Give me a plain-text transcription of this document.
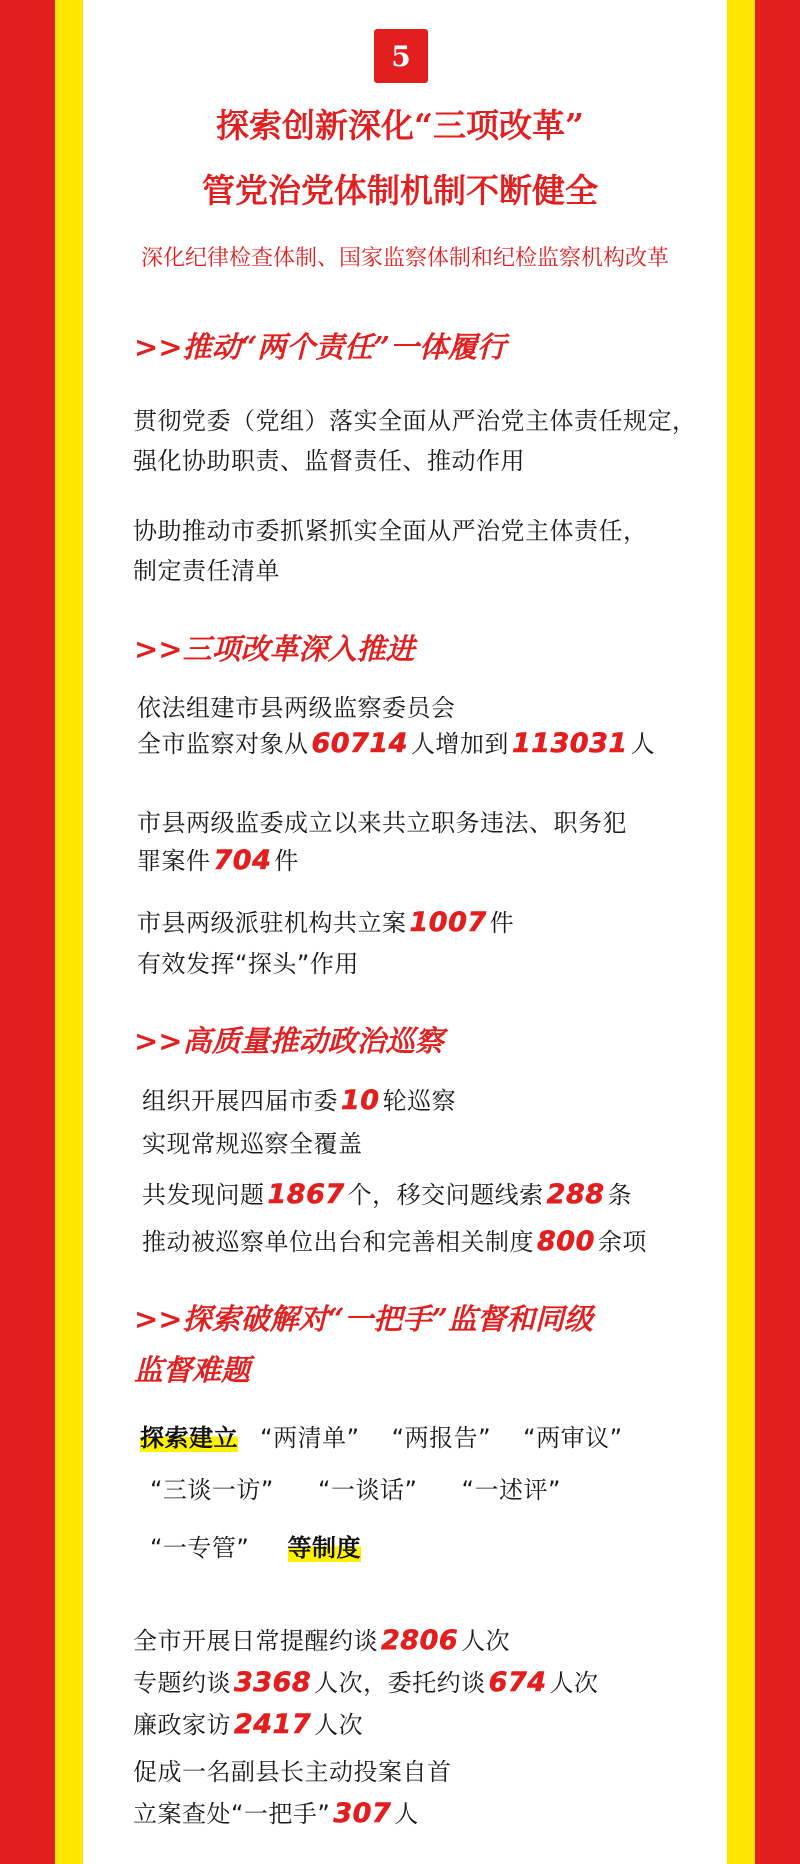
5
探索创新深化“三项改革”
管党治党体制机制不断健全
深化纪律检查体制、国家监察体制和纪检监察机构改革
>>推动“两个责任”一体履行
贯彻党委（党组）落实全面从严治党主体责任规定，
强化协助职责、监督责任、推动作用
协助推动市委抓紧抓实全面从严治党主体责任，
制定责任清单
>>三项改革深入推进
依法组建市县两级监察委员会
全市监察对象从 60714 人增加到 113031 人
市县两级监委成立以来共立职务违法、职务犯
罪案件 704 件
市县两级派驻机构共立案 1007 件
有效发挥“探头”作用
>>高质量推动政治巡察
组织开展四届市委 10 轮巡察
实现常规巡察全覆盖
共发现问题 1867 个，移交问题线索 288 条
推动被巡察单位出台和完善相关制度 800 余项
>>探索破解对“一把手”监督和同级
监督难题
探索建立 “两清单” “两报告” “两审议”
“三谈一访” “一谈话” “一述评”
“一专管” 等制度
全市开展日常提醒约谈 2806 人次
专题约谈 3368 人次，委托约谈 674 人次
廉政家访 2417 人次
促成一名副县长主动投案自首
立案查处“一把手” 307 人
